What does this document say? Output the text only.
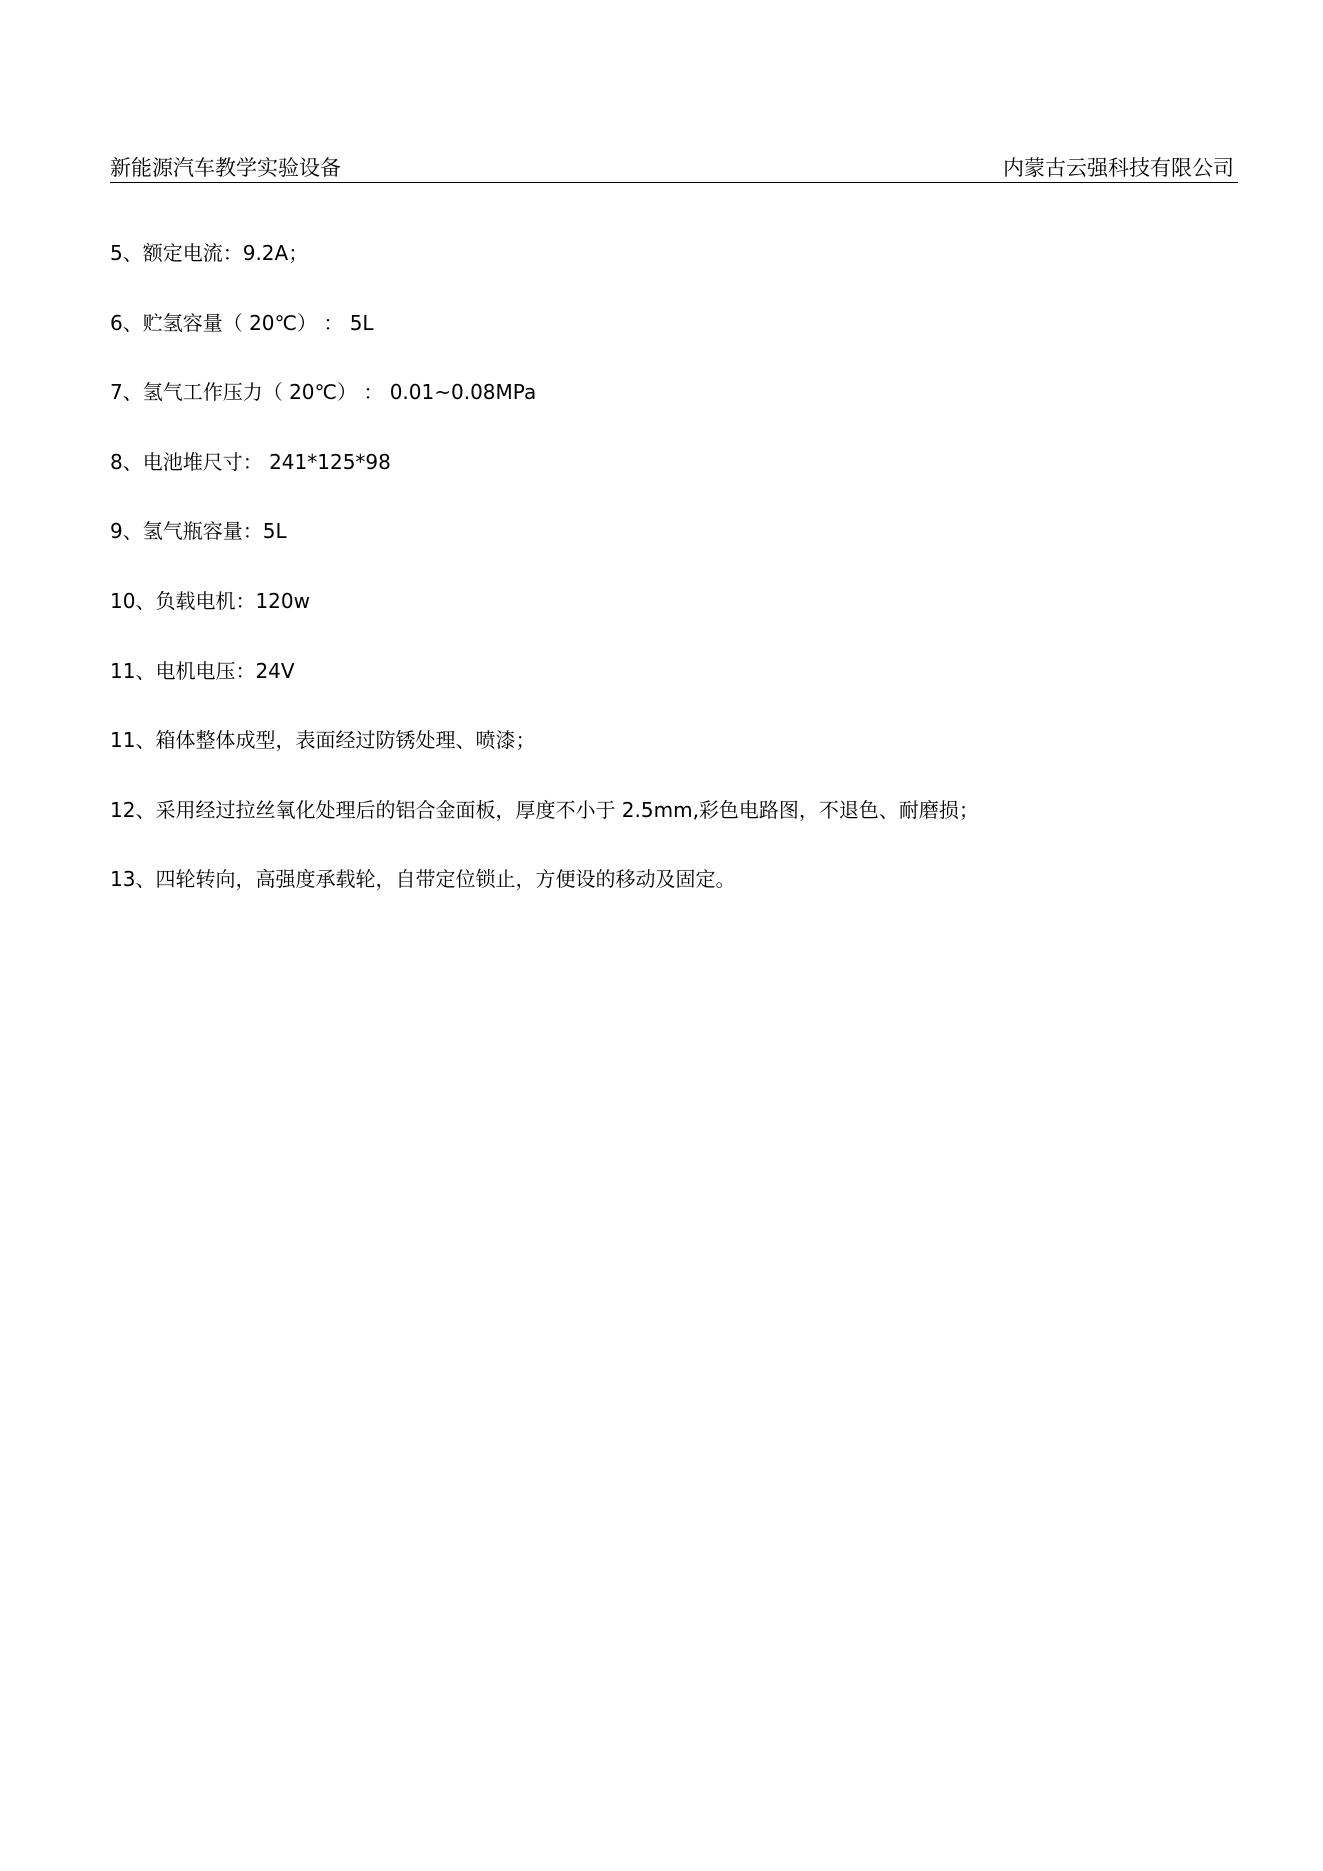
新能源汽车教学实验设备	内蒙古云强科技有限公司
5、额定电流：9.2A；
6、贮氢容量（ 20℃） ： 5L
7、氢气工作压力（ 20℃） ： 0.01~0.08MPa
8、电池堆尺寸： 241*125*98
9、氢气瓶容量：5L
10、负载电机：120w
11、电机电压：24V
11、箱体整体成型，表面经过防锈处理、喷漆；
12、采用经过拉丝氧化处理后的铝合金面板，厚度不小于 2.5mm,彩色电路图，不退色、耐磨损；
13、四轮转向，高强度承载轮，自带定位锁止，方便设的移动及固定。
